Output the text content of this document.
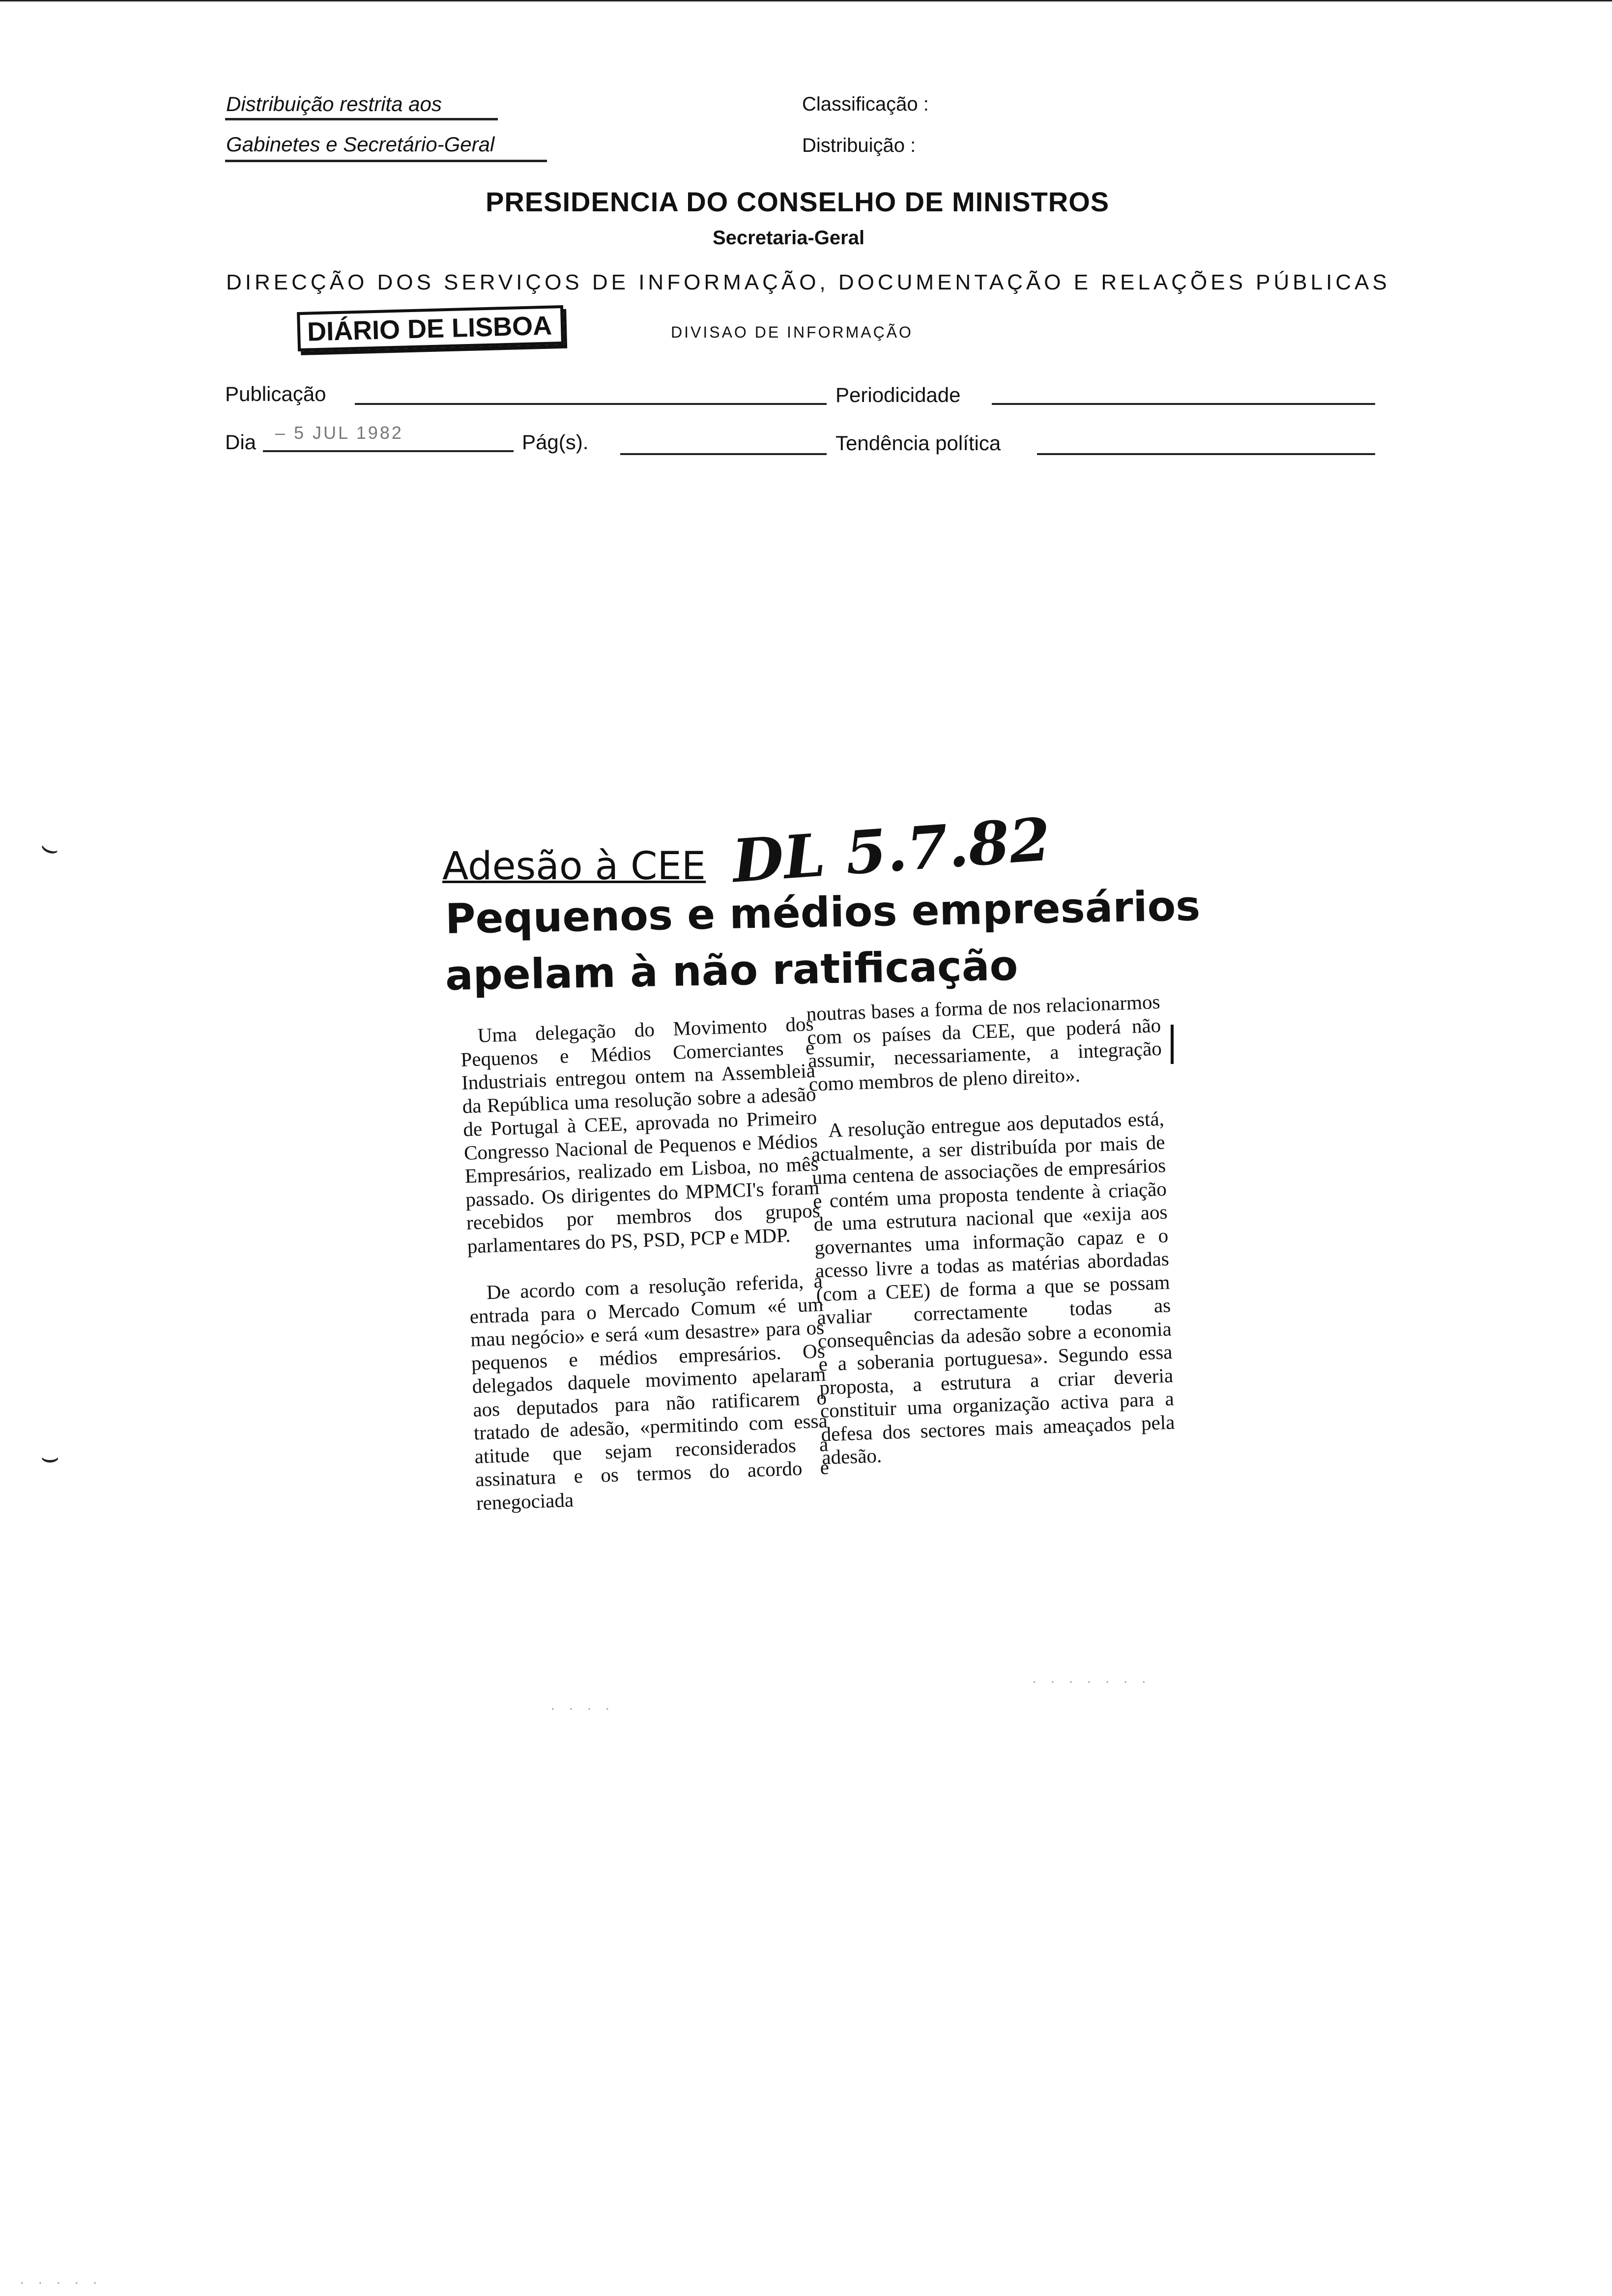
Distribuição restrita aos
Gabinetes e Secretário-Geral
Classificação :
Distribuição :
PRESIDENCIA DO CONSELHO DE MINISTROS
Secretaria-Geral
DIRECÇÃO DOS SERVIÇOS DE INFORMAÇÃO, DOCUMENTAÇÃO E RELAÇÕES PÚBLICAS
DIÁRIO DE LISBOA	DIVISAO DE INFORMAÇÃO
Publicação	Periodicidade
Dia – 5 JUL 1982	Pág(s).	Tendência política
⌣
⌣
Adesão à CEE DL 5.7.82
Pequenos e médios empresários
apelam à não ratificação

Uma delegação do Movimento dos Pequenos e Médios Comerciantes e Industriais entregou ontem na Assembleia da República uma resolução sobre a adesão de Portugal à CEE, aprovada no Primeiro Congresso Nacional de Pequenos e Médios Empresários, realizado em Lisboa, no mês passado. Os dirigentes do MPMCI's foram recebidos por membros dos grupos parlamentares do PS, PSD, PCP e MDP.

De acordo com a resolução referida, a entrada para o Mercado Comum «é um mau negócio» e será «um desastre» para os pequenos e médios empresários. Os delegados daquele movimento apelaram aos deputados para não ratificarem o tratado de adesão, «permitindo com essa atitude que sejam reconsiderados a assinatura e os termos do acordo e renegociada

noutras bases a forma de nos relacionarmos com os países da CEE, que poderá não assumir, necessariamente, a integração como membros de pleno direito».

A resolução entregue aos deputados está, actualmente, a ser distribuída por mais de uma centena de associações de empresários e contém uma proposta tendente à criação de uma estrutura nacional que «exija aos governantes uma informação capaz e o acesso livre a todas as matérias abordadas (com a CEE) de forma a que se possam avaliar correctamente todas as consequências da adesão sobre a economia e a soberania portuguesa». Segundo essa proposta, a estrutura a criar deveria constituir uma organização activa para a defesa dos sectores mais ameaçados pela adesão.

· · · · · · ·
· · · ·
· · · · ·
